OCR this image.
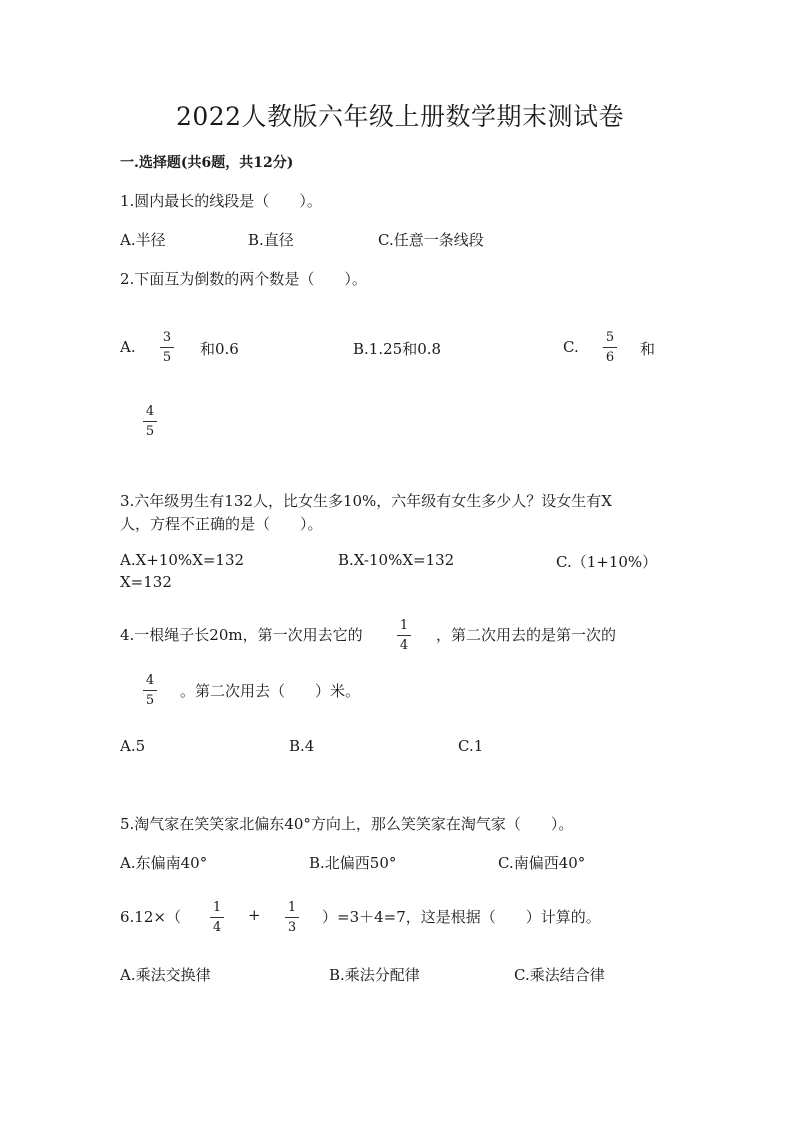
2022人教版六年级上册数学期末测试卷
一.选择题(共6题，共12分)
1.圆内最长的线段是（　　）。
A.半径	B.直径	C.任意一条线段
2.下面互为倒数的两个数是（　　）。
A.
3
5 和0.6	B.1.25和0.8	C.
5
6 和
4
5
3.六年级男生有132人，比女生多10%，六年级有女生多少人？设女生有X
人，方程不正确的是（　　）。
A.X+10%X=132	B.X-10%X=132	C.（1+10%）
X=132
4.一根绳子长20m，第一次用去它的
1
4
，第二次用去的是第一次的
4
5
。第二次用去（　　）米。
A.5	B.4	C.1
5.淘气家在笑笑家北偏东40°方向上，那么笑笑家在淘气家（　　）。
A.东偏南40°	B.北偏西50°	C.南偏西40°
6.12×（
1
4
+ 1
3
）=3＋4=7，这是根据（　　）计算的。
A.乘法交换律	B.乘法分配律	C.乘法结合律
